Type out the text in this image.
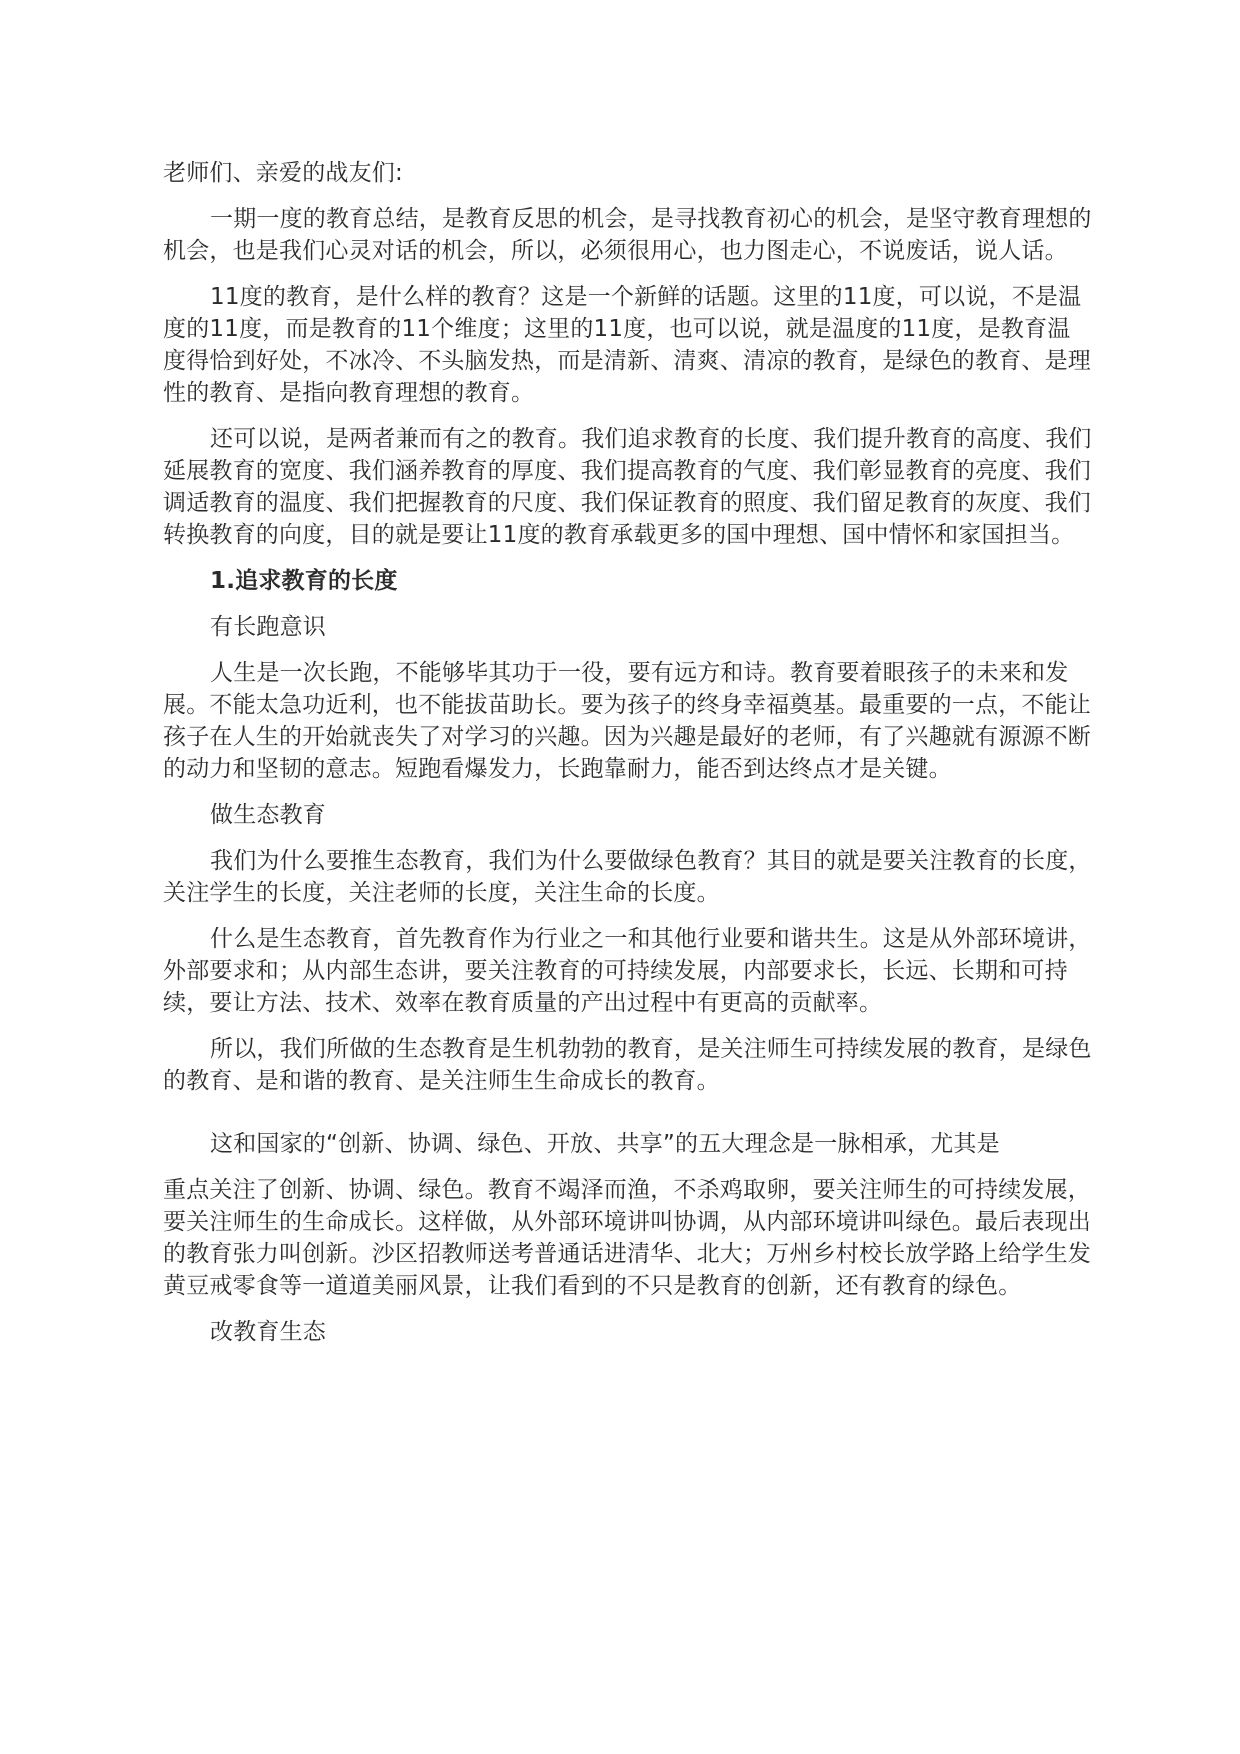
老师们、亲爱的战友们:

一期一度的教育总结，是教育反思的机会，是寻找教育初心的机会，是坚守教育理想的机会，也是我们心灵对话的机会，所以，必须很用心，也力图走心，不说废话，说人话。

11度的教育，是什么样的教育？这是一个新鲜的话题。这里的11度，可以说，不是温度的11度，而是教育的11个维度；这里的11度，也可以说，就是温度的11度，是教育温度得恰到好处，不冰冷、不头脑发热，而是清新、清爽、清凉的教育，是绿色的教育、是理性的教育、是指向教育理想的教育。

还可以说，是两者兼而有之的教育。我们追求教育的长度、我们提升教育的高度、我们延展教育的宽度、我们涵养教育的厚度、我们提高教育的气度、我们彰显教育的亮度、我们调适教育的温度、我们把握教育的尺度、我们保证教育的照度、我们留足教育的灰度、我们转换教育的向度，目的就是要让11度的教育承载更多的国中理想、国中情怀和家国担当。

1.追求教育的长度

有长跑意识

人生是一次长跑，不能够毕其功于一役，要有远方和诗。教育要着眼孩子的未来和发展。不能太急功近利，也不能拔苗助长。要为孩子的终身幸福奠基。最重要的一点，不能让孩子在人生的开始就丧失了对学习的兴趣。因为兴趣是最好的老师，有了兴趣就有源源不断的动力和坚韧的意志。短跑看爆发力，长跑靠耐力，能否到达终点才是关键。

做生态教育

我们为什么要推生态教育，我们为什么要做绿色教育？其目的就是要关注教育的长度，关注学生的长度，关注老师的长度，关注生命的长度。

什么是生态教育，首先教育作为行业之一和其他行业要和谐共生。这是从外部环境讲，外部要求和；从内部生态讲，要关注教育的可持续发展，内部要求长，长远、长期和可持续，要让方法、技术、效率在教育质量的产出过程中有更高的贡献率。

所以，我们所做的生态教育是生机勃勃的教育，是关注师生可持续发展的教育，是绿色的教育、是和谐的教育、是关注师生生命成长的教育。

这和国家的“创新、协调、绿色、开放、共享”的五大理念是一脉相承，尤其是

重点关注了创新、协调、绿色。教育不竭泽而渔，不杀鸡取卵，要关注师生的可持续发展，要关注师生的生命成长。这样做，从外部环境讲叫协调，从内部环境讲叫绿色。最后表现出的教育张力叫创新。沙区招教师送考普通话进清华、北大；万州乡村校长放学路上给学生发黄豆戒零食等一道道美丽风景，让我们看到的不只是教育的创新，还有教育的绿色。

改教育生态
